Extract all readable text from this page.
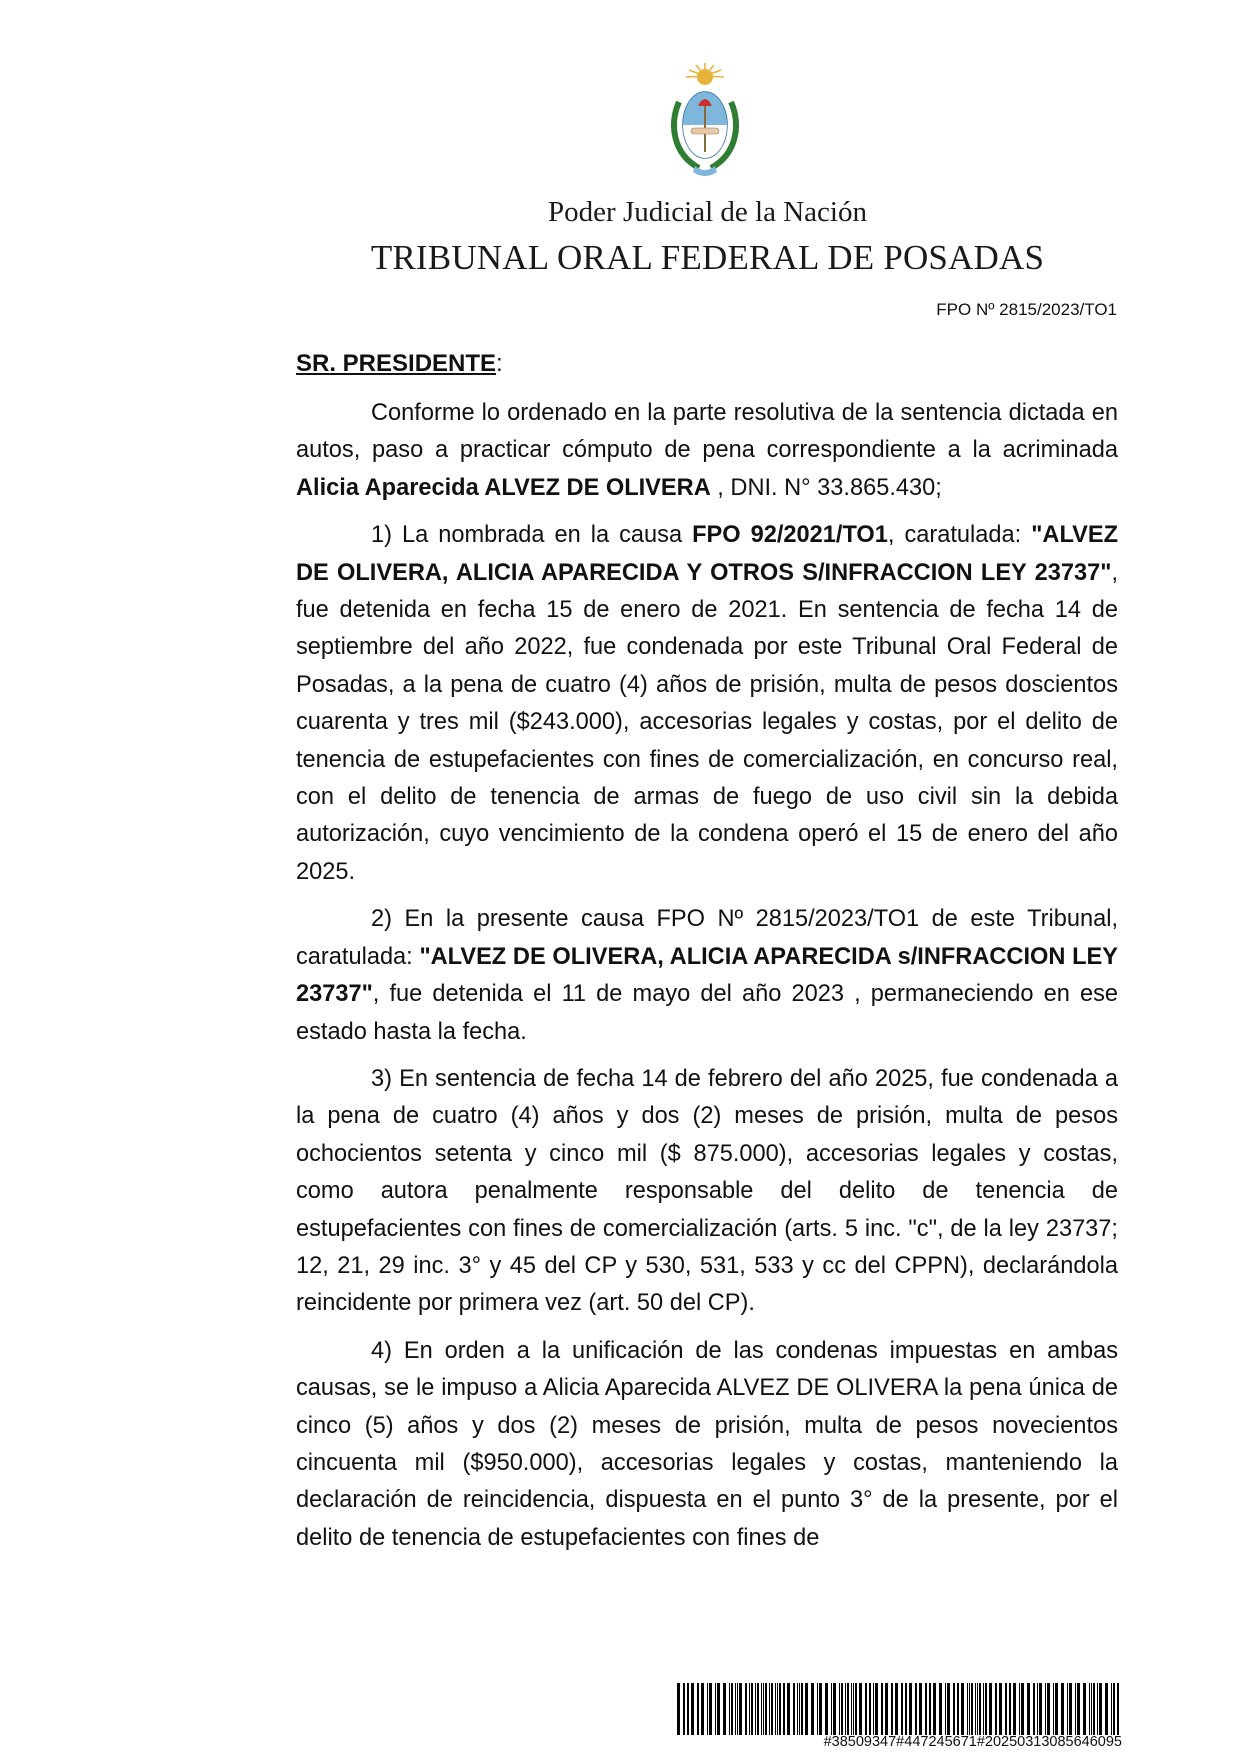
Poder Judicial de la Nación
TRIBUNAL ORAL FEDERAL DE POSADAS
FPO Nº 2815/2023/TO1
SR. PRESIDENTE:

Conforme lo ordenado en la parte resolutiva de la sentencia dictada en autos, paso a practicar cómputo de pena correspondiente a la acriminada Alicia Aparecida ALVEZ DE OLIVERA , DNI. N° 33.865.430;

1) La nombrada en la causa FPO 92/2021/TO1, caratulada: "ALVEZ DE OLIVERA, ALICIA APARECIDA Y OTROS S/INFRACCION LEY 23737", fue detenida en fecha 15 de enero de 2021. En sentencia de fecha 14 de septiembre del año 2022, fue condenada por este Tribunal Oral Federal de Posadas, a la pena de cuatro (4) años de prisión, multa de pesos doscientos cuarenta y tres mil ($243.000), accesorias legales y costas, por el delito de tenencia de estupefacientes con fines de comercialización, en concurso real, con el delito de tenencia de armas de fuego de uso civil sin la debida autorización, cuyo vencimiento de la condena operó el 15 de enero del año 2025.

2) En la presente causa FPO Nº 2815/2023/TO1 de este Tribunal, caratulada: "ALVEZ DE OLIVERA, ALICIA APARECIDA s/INFRACCION LEY 23737", fue detenida el 11 de mayo del año 2023 , permaneciendo en ese estado hasta la fecha.

3) En sentencia de fecha 14 de febrero del año 2025, fue condenada a la pena de cuatro (4) años y dos (2) meses de prisión, multa de pesos ochocientos setenta y cinco mil ($ 875.000), accesorias legales y costas, como autora penalmente responsable del delito de tenencia de estupefacientes con fines de comercialización (arts. 5 inc. "c", de la ley 23737; 12, 21, 29 inc. 3° y 45 del CP y 530, 531, 533 y cc del CPPN), declarándola reincidente por primera vez (art. 50 del CP).

4) En orden a la unificación de las condenas impuestas en ambas causas, se le impuso a Alicia Aparecida ALVEZ DE OLIVERA la pena única de cinco (5) años y dos (2) meses de prisión, multa de pesos novecientos cincuenta mil ($950.000), accesorias legales y costas, manteniendo la declaración de reincidencia, dispuesta en el punto 3° de la presente, por el delito de tenencia de estupefacientes con fines de

#38509347#447245671#20250313085646095
